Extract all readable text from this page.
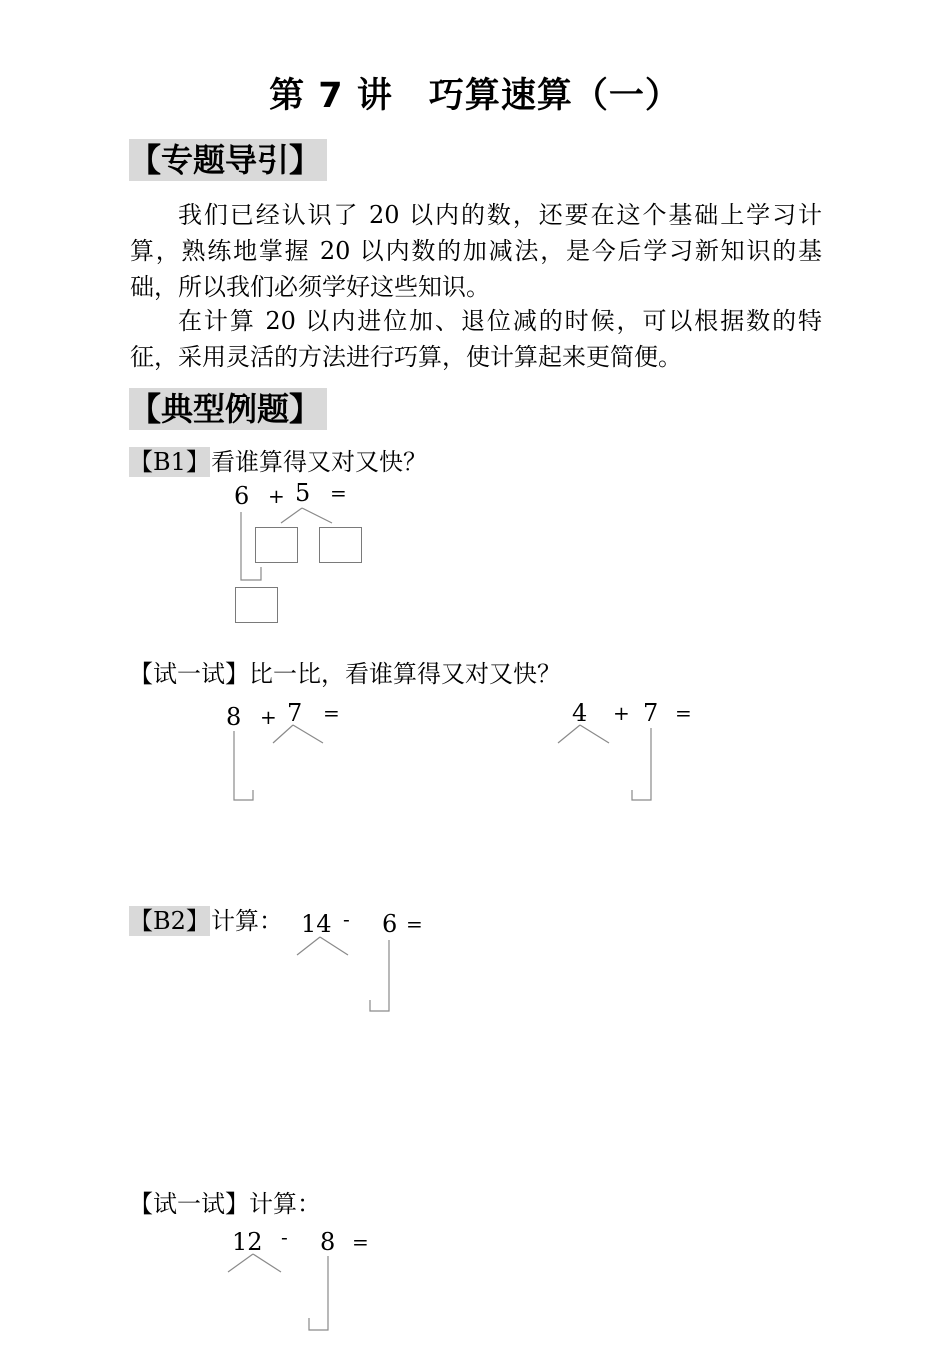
第 7 讲　巧算速算（一）
【专题导引】
我们已经认识了 20 以内的数，还要在这个基础上学习计算，熟练地掌握 20 以内数的加减法，是今后学习新知识的基础，所以我们必须学好这些知识。
在计算 20 以内进位加、退位减的时候，可以根据数的特征，采用灵活的方法进行巧算，使计算起来更简便。
【典型例题】
【B1】 看谁算得又对又快？
6 + 5 =
【试一试】比一比，看谁算得又对又快？
8 + 7 =	4 + 7 =
【B2】 计算： 14 - 6 =
【试一试】计算：
12 - 8 =
